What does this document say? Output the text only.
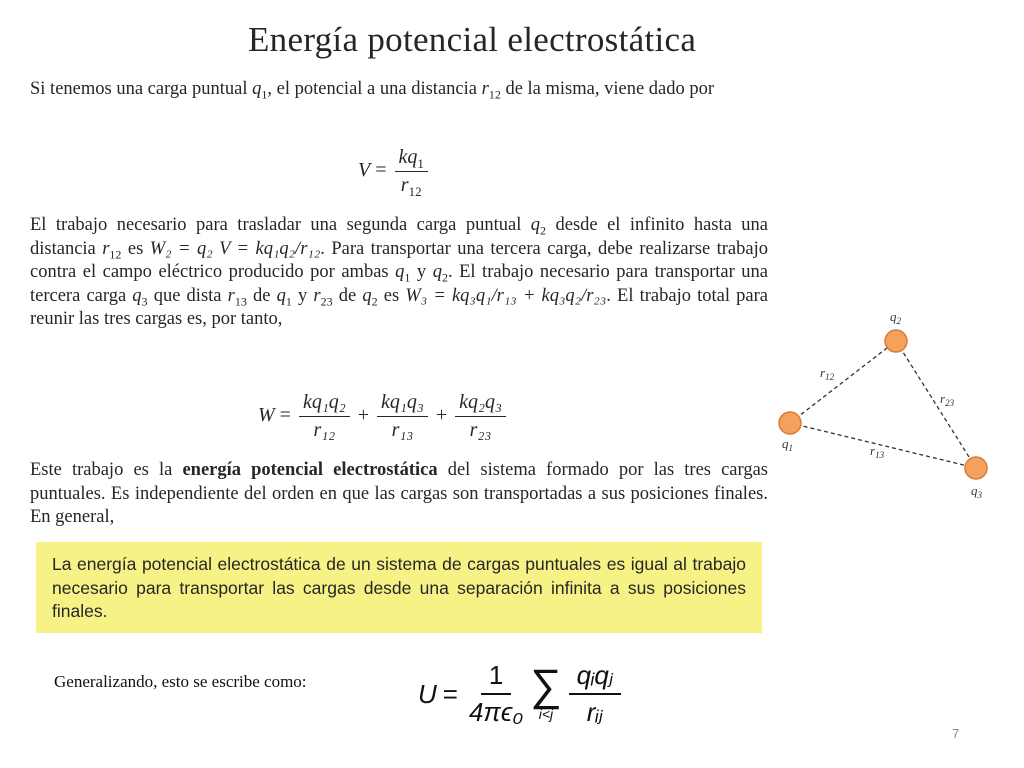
Energía potencial electrostática
Si tenemos una carga puntual $q_1$, el potencial a una distancia $r_{12}$ de la misma, viene dado por
$V = \frac{kq_1}{r_{12}}$
El trabajo necesario para trasladar una segunda carga puntual $q_2$ desde el infinito hasta una distancia $r_{12}$ es W₂ = q₂ V = kq₁q₂/r₁₂. Para transportar una tercera carga, debe realizarse trabajo contra el campo eléctrico producido por ambas $q_1$ y $q_2$. El trabajo necesario para transportar una tercera carga $q_3$ que dista $r_{13}$ de $q_1$ y $r_{23}$ de $q_2$ es W₃ = kq₃q₁/r₁₃ + kq₃q₂/r₂₃. El trabajo total para reunir las tres cargas es, por tanto,
$W = \frac{\text{kq₁q₂}}{\text{r₁₂}} + \frac{\text{kq₁q₃}}{\text{r₁₃}} + \frac{\text{kq₂q₃}}{\text{r₂₃}}$
Este trabajo es la energía potencial electrostática del sistema formado por las tres cargas puntuales. Es independiente del orden en que las cargas son transportadas a sus posiciones finales. En general,
La energía potencial electrostática de un sistema de cargas puntuales es igual al trabajo necesario para transportar las cargas desde una separación infinita a sus posiciones finales.
Generalizando, esto se escribe como:	$U = \frac{1}{\text{4πϵ₀}}$ ∑
$i<j \frac{\text{qᵢqⱼ}}{\text{rᵢⱼ}}$
$q_1$
$q_2$
$q_3$
$r_{12}$
$r_{23}$
$r_{13}$
7
